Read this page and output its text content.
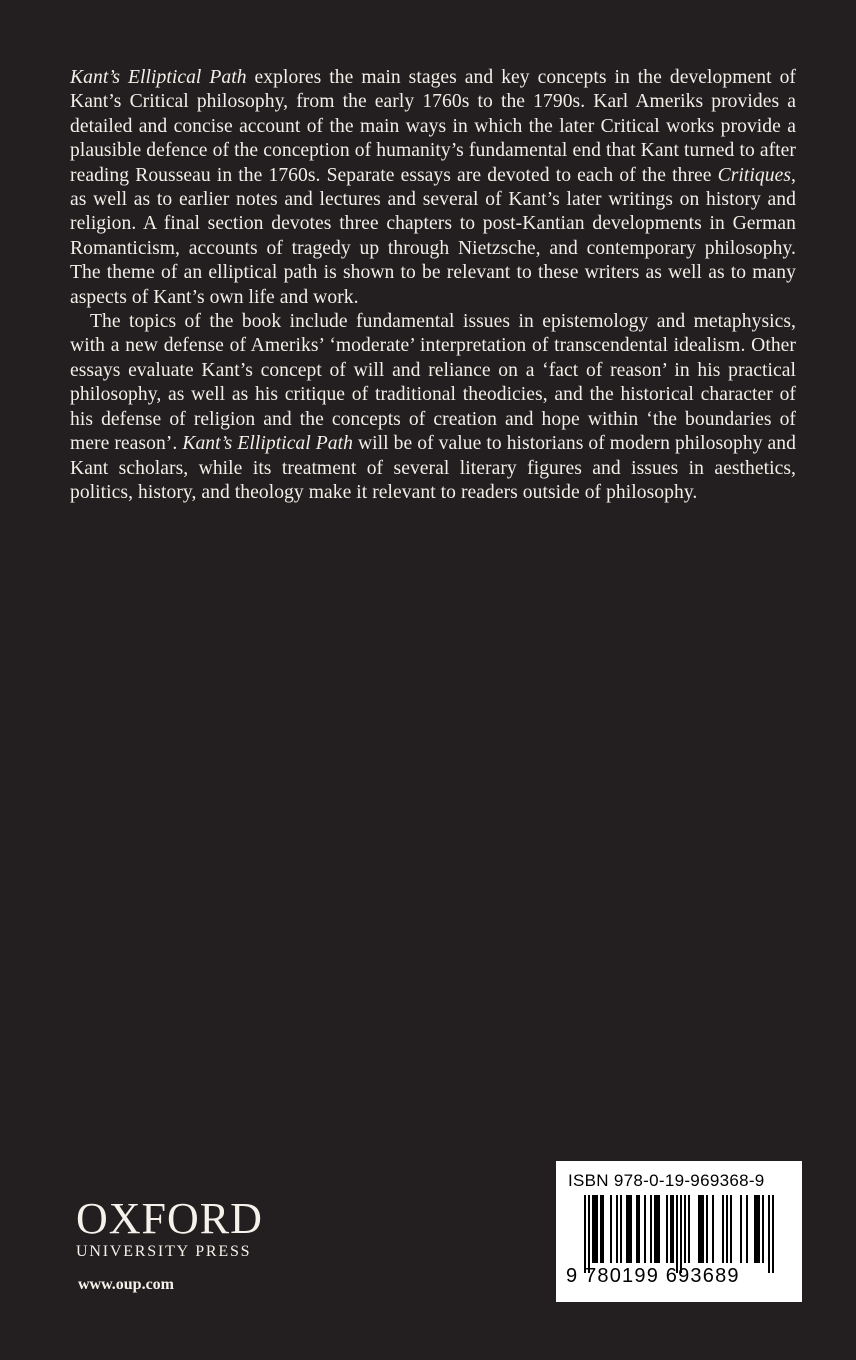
Kant’s Elliptical Path explores the main stages and key concepts in the development of Kant’s Critical philosophy, from the early 1760s to the 1790s. Karl Ameriks provides a detailed and concise account of the main ways in which the later Critical works provide a plausible defence of the conception of humanity’s fundamental end that Kant turned to after reading Rousseau in the 1760s. Separate essays are devoted to each of the three Critiques, as well as to earlier notes and lectures and several of Kant’s later writings on history and religion. A final section devotes three chapters to post-Kantian developments in German Romanticism, accounts of tragedy up through Nietzsche, and contemporary philosophy. The theme of an elliptical path is shown to be relevant to these writers as well as to many aspects of Kant’s own life and work.

The topics of the book include fundamental issues in epistemology and metaphysics, with a new defense of Ameriks’ ‘moderate’ interpretation of transcendental idealism. Other essays evaluate Kant’s concept of will and reliance on a ‘fact of reason’ in his practical philosophy, as well as his critique of traditional theodicies, and the historical character of his defense of religion and the concepts of creation and hope within ‘the boundaries of mere reason’. Kant’s Elliptical Path will be of value to historians of modern philosophy and Kant scholars, while its treatment of several literary figures and issues in aesthetics, politics, history, and theology make it relevant to readers outside of philosophy.

OXFORD
UNIVERSITY PRESS
www.oup.com
ISBN 978-0-19-969368-9
9 780199 693689
